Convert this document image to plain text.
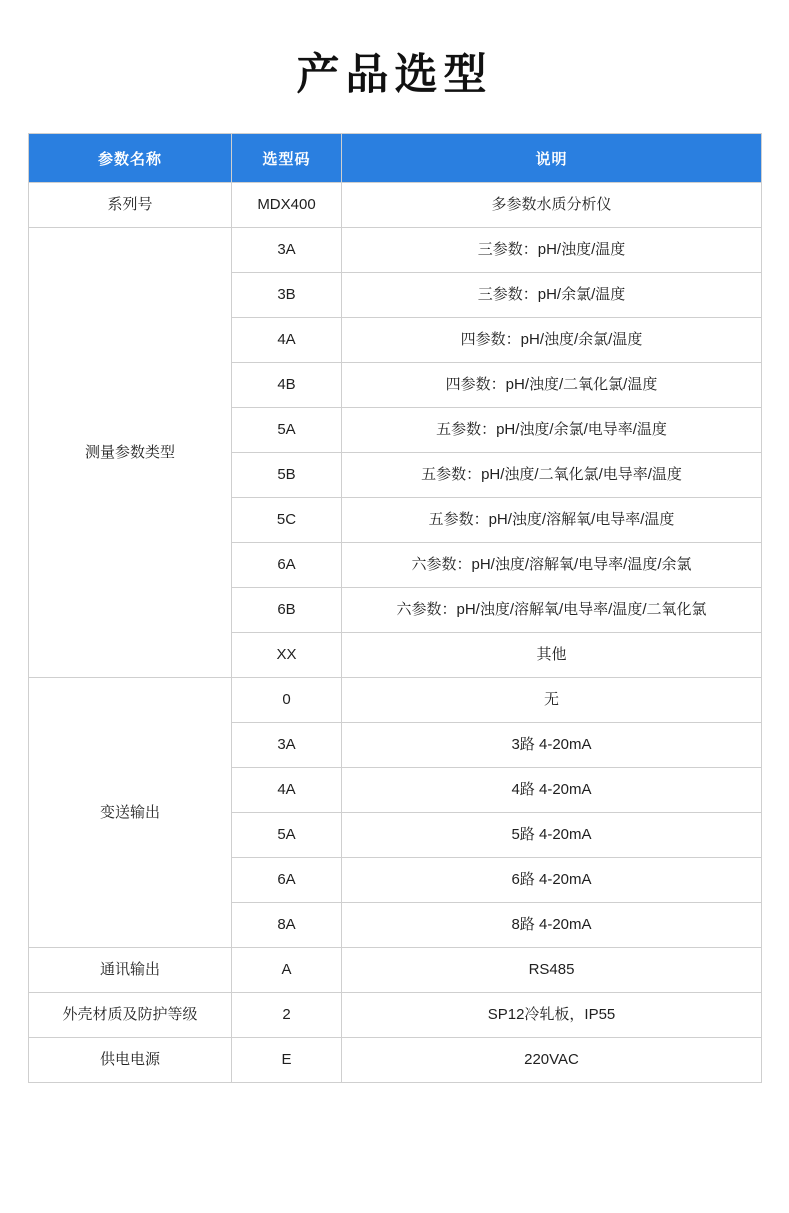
产品选型
参数名称	选型码	说明
系列号	MDX400	多参数水质分析仪
测量参数类型	3A	三参数：pH/浊度/温度
	3B	三参数：pH/余氯/温度
	4A	四参数：pH/浊度/余氯/温度
	4B	四参数：pH/浊度/二氧化氯/温度
	5A	五参数：pH/浊度/余氯/电导率/温度
	5B	五参数：pH/浊度/二氧化氯/电导率/温度
	5C	五参数：pH/浊度/溶解氧/电导率/温度
	6A	六参数：pH/浊度/溶解氧/电导率/温度/余氯
	6B	六参数：pH/浊度/溶解氧/电导率/温度/二氧化氯
	XX	其他
变送输出	0	无
	3A	3路 4-20mA
	4A	4路 4-20mA
	5A	5路 4-20mA
	6A	6路 4-20mA
	8A	8路 4-20mA
通讯输出	A	RS485
外壳材质及防护等级	2	SP12冷轧板，IP55
供电电源	E	220VAC
